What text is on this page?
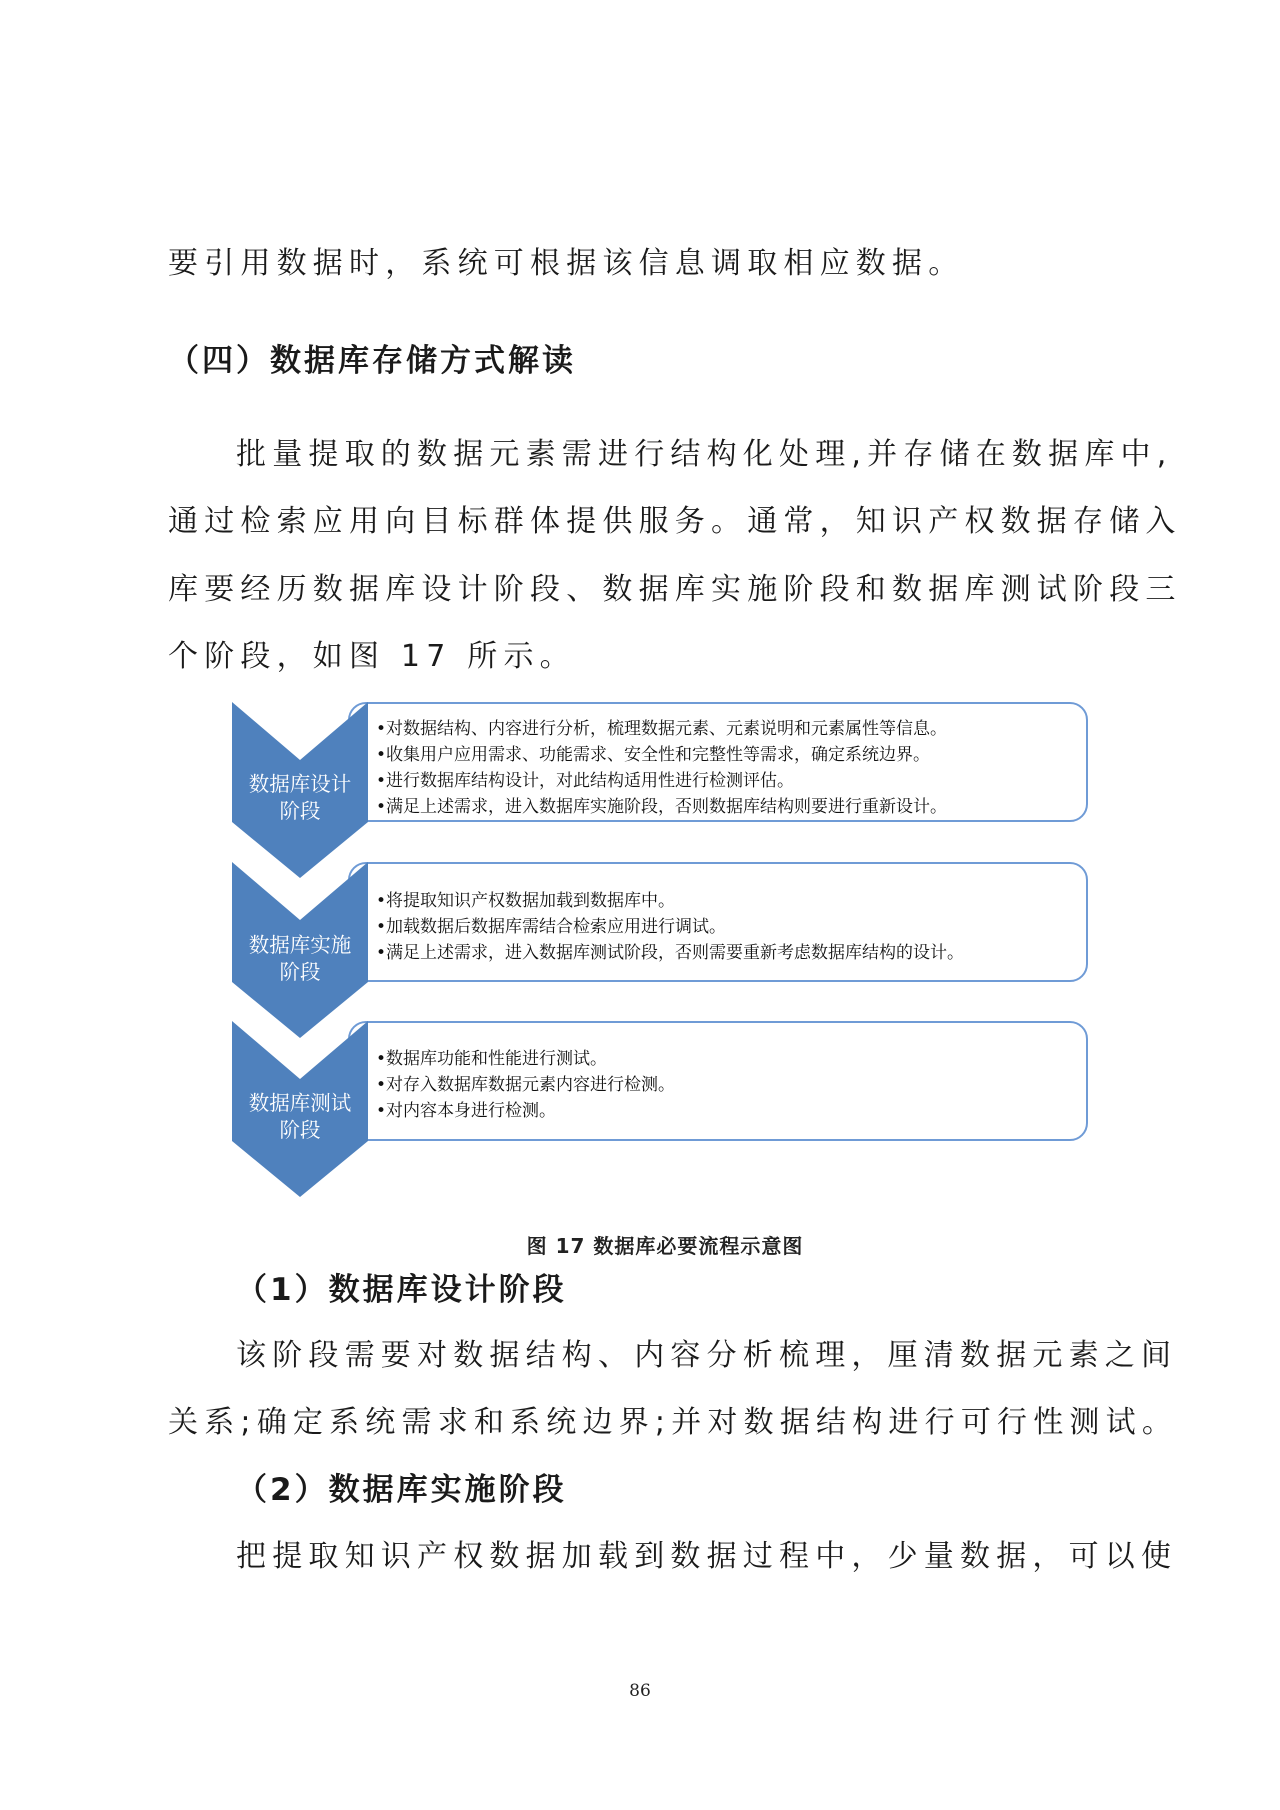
要引用数据时，系统可根据该信息调取相应数据。
（四）数据库存储方式解读
批量提取的数据元素需进行结构化处理,并存储在数据库中,
通过检索应用向目标群体提供服务。通常，知识产权数据存储入
库要经历数据库设计阶段、数据库实施阶段和数据库测试阶段三
个阶段，如图 17 所示。
•对数据结构、内容进行分析，梳理数据元素、元素说明和元素属性等信息。
•收集用户应用需求、功能需求、安全性和完整性等需求，确定系统边界。
•进行数据库结构设计，对此结构适用性进行检测评估。
•满足上述需求，进入数据库实施阶段，否则数据库结构则要进行重新设计。
数据库设计
阶段
•将提取知识产权数据加载到数据库中。
•加载数据后数据库需结合检索应用进行调试。
•满足上述需求，进入数据库测试阶段，否则需要重新考虑数据库结构的设计。
数据库实施
阶段
•数据库功能和性能进行测试。
•对存入数据库数据元素内容进行检测。
•对内容本身进行检测。
数据库测试
阶段
图 17 数据库必要流程示意图
（1）数据库设计阶段
该阶段需要对数据结构、内容分析梳理，厘清数据元素之间
关系;确定系统需求和系统边界;并对数据结构进行可行性测试。
（2）数据库实施阶段
把提取知识产权数据加载到数据过程中，少量数据，可以使
86
